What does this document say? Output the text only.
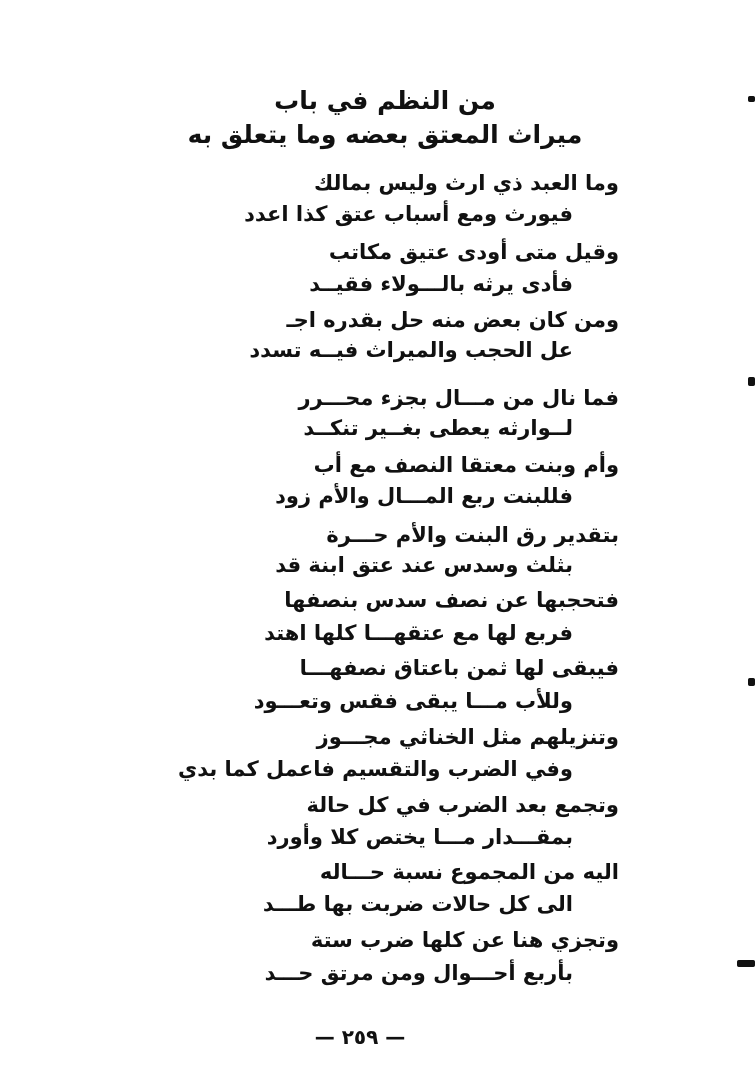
من النظم في باب
ميراث المعتق بعضه وما يتعلق به
وما العبد ذي ارث وليس بمالك
فيورث ومع أسباب عتق كذا اعدد
وقيل متى أودى عتيق مكاتب
فأدى يرثه بالـــولاء فقيــد
ومن كان بعض منه حل بقدره اجـ
عل الحجب والميراث فيــه تسدد
فما نال من مـــال بجزء محـــرر
لــوارثه يعطى بغــير تنكــد
وأم وبنت معتقا النصف مع أب
فللبنت ربع المـــال والأم زود
بتقدير رق البنت والأم حـــرة
بثلث وسدس عند عتق ابنة قد
فتحجبها عن نصف سدس بنصفها
فربع لها مع عتقهـــا كلها اهتد
فيبقى لها ثمن باعتاق نصفهـــا
وللأب مـــا يبقى فقس وتعـــود
وتنزيلهم مثل الخناثي مجـــوز
وفي الضرب والتقسيم فاعمل كما بدي
وتجمع بعد الضرب في كل حالة
بمقـــدار مـــا يختص كلا وأورد
اليه من المجموع نسبة حـــاله
الى كل حالات ضربت بها طـــد
وتجزي هنا عن كلها ضرب ستة
بأربع أحـــوال ومن مرتق حـــد
— ٢٥٩ —
